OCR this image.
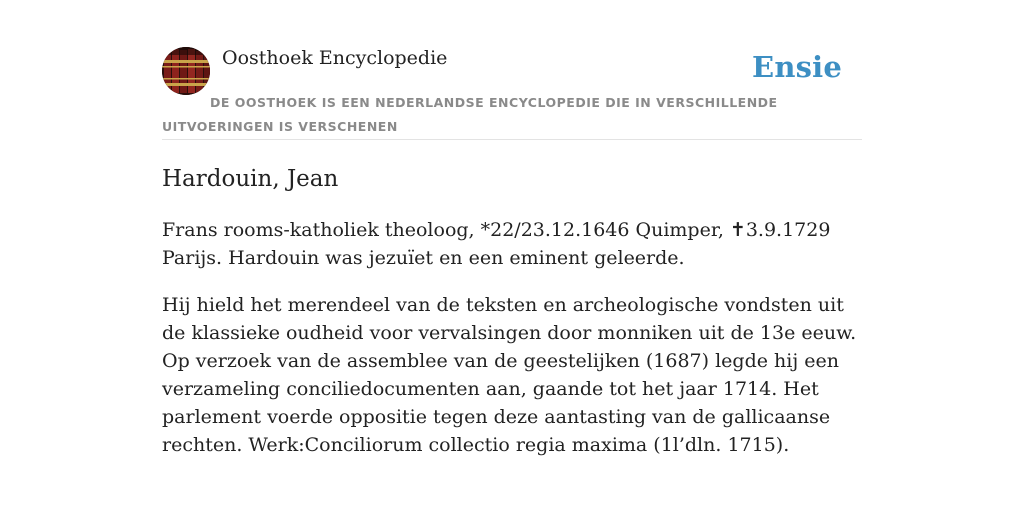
Oosthoek Encyclopedie	Ensie
DE OOSTHOEK IS EEN NEDERLANDSE ENCYCLOPEDIE DIE IN VERSCHILLENDE UITVOERINGEN IS VERSCHENEN
Hardouin, Jean

Frans rooms-katholiek theoloog, *22/23.12.1646 Quimper, ✝3.9.1729 Parijs. Hardouin was jezuïet en een eminent geleerde.

Hij hield het merendeel van de teksten en archeologische vondsten uit de klassieke oudheid voor vervalsingen door monniken uit de 13e eeuw. Op verzoek van de assemblee van de geestelijken (1687) legde hij een verzameling conciliedocumenten aan, gaande tot het jaar 1714. Het parlement voerde oppositie tegen deze aantasting van de gallicaanse rechten. Werk:Conciliorum collectio regia maxima (1l’dln. 1715).
